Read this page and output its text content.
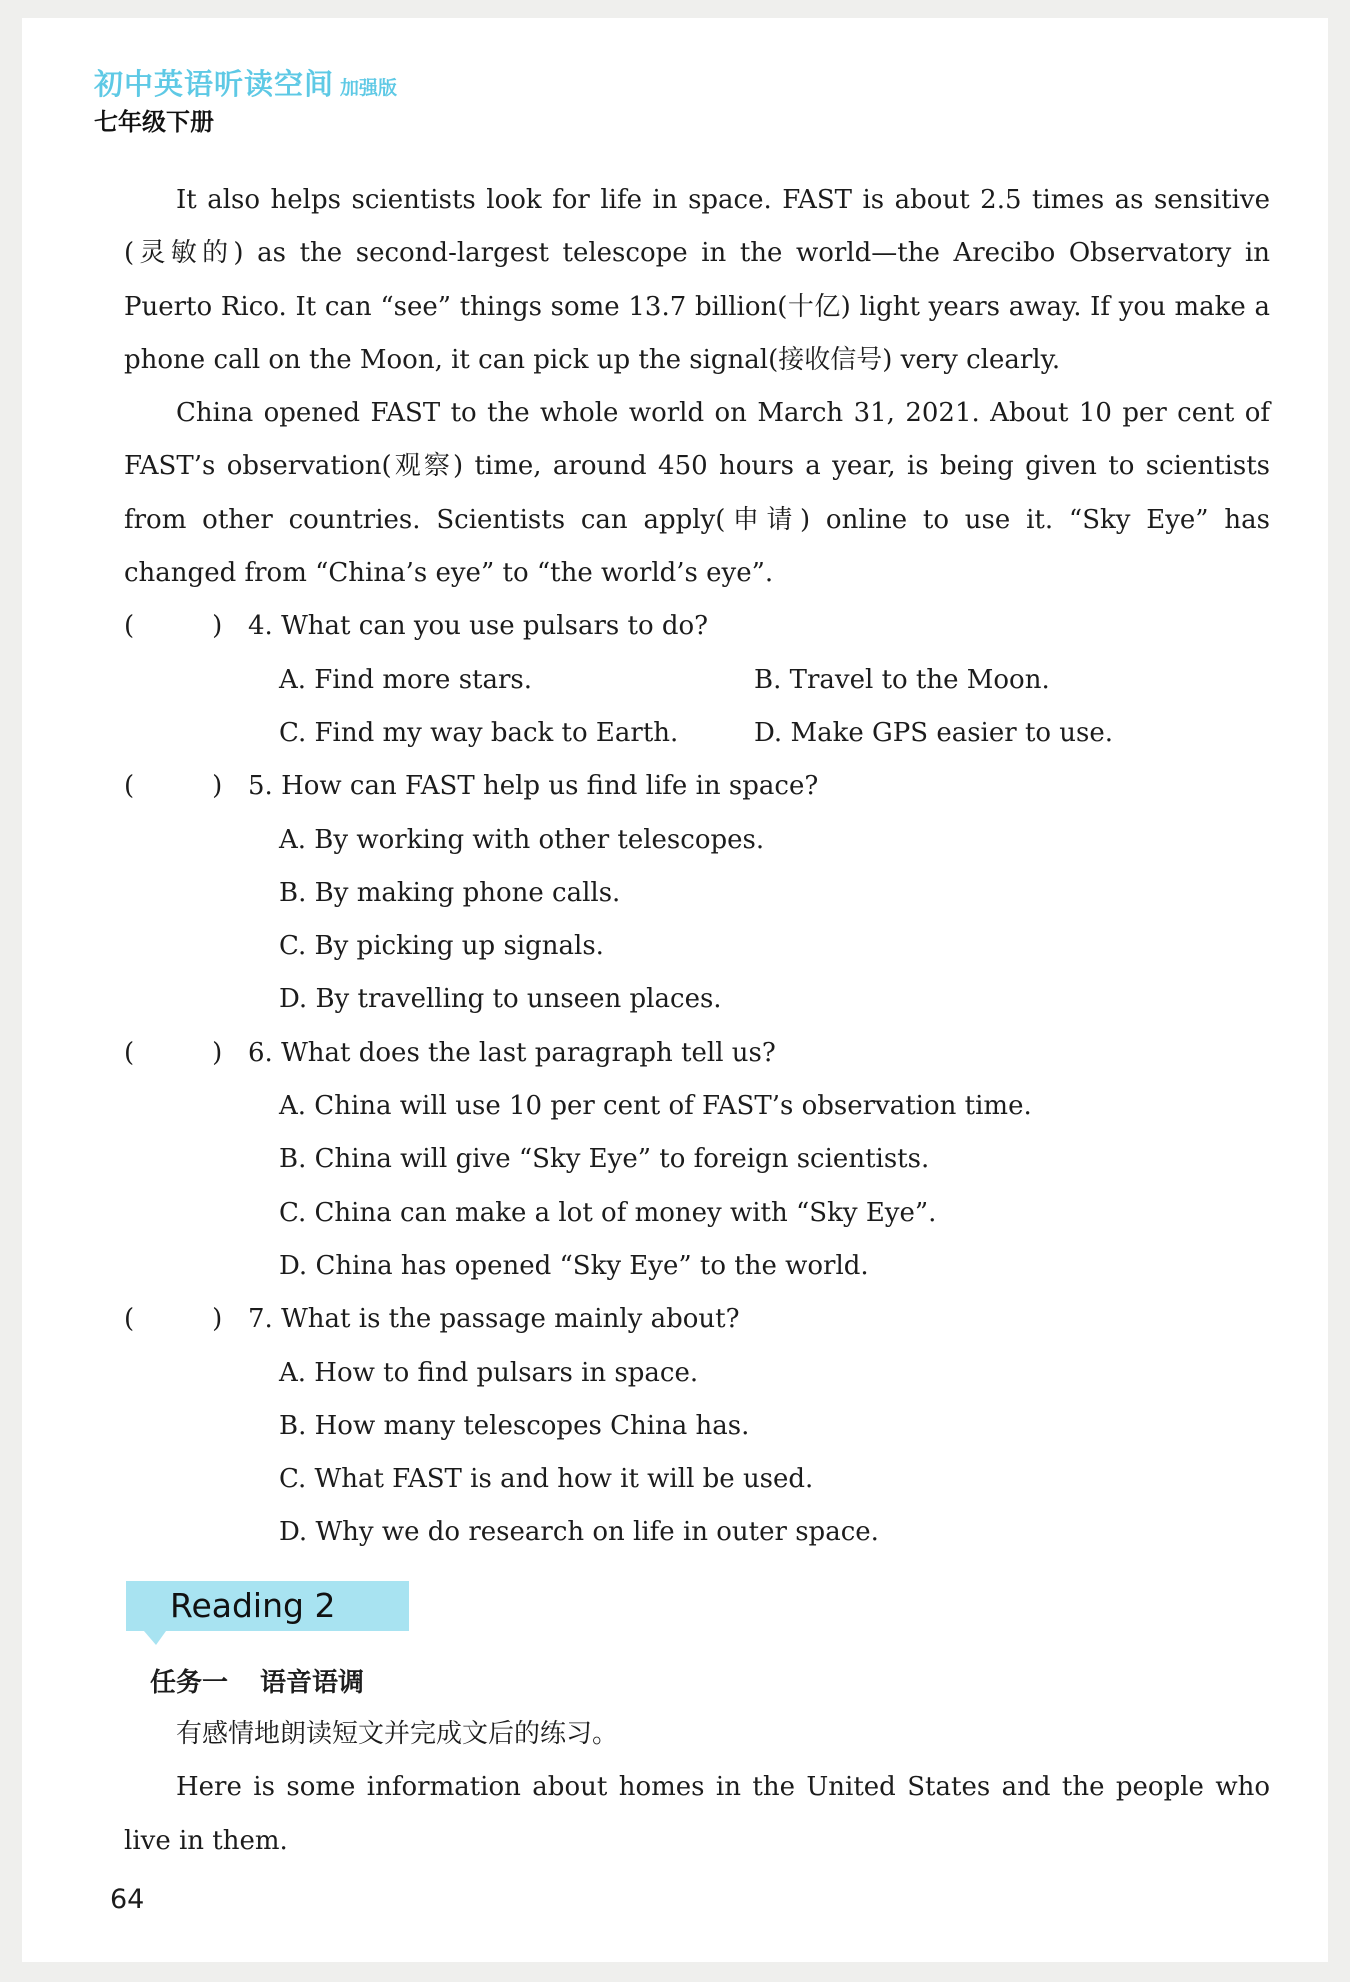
初中英语听读空间 加强版
七年级下册

It also helps scientists look for life in space. FAST is about 2.5 times as sensitive (灵敏的) as the second-largest telescope in the world—the Arecibo Observatory in Puerto Rico. It can “see” things some 13.7 billion(十亿) light years away. If you make a phone call on the Moon, it can pick up the signal(接收信号) very clearly.

China opened FAST to the whole world on March 31, 2021. About 10 per cent of FAST’s observation(观察) time, around 450 hours a year, is being given to scientists from other countries. Scientists can apply(申请) online to use it. “Sky Eye” has changed from “China’s eye” to “the world’s eye”.

(	) 4. What can you use pulsars to do?
A. Find more stars.	B. Travel to the Moon.
C. Find my way back to Earth.	D. Make GPS easier to use.
(	) 5. How can FAST help us find life in space?
A. By working with other telescopes.
B. By making phone calls.
C. By picking up signals.
D. By travelling to unseen places.
(	) 6. What does the last paragraph tell us?
A. China will use 10 per cent of FAST’s observation time.
B. China will give “Sky Eye” to foreign scientists.
C. China can make a lot of money with “Sky Eye”.
D. China has opened “Sky Eye” to the world.
(	) 7. What is the passage mainly about?
A. How to find pulsars in space.
B. How many telescopes China has.
C. What FAST is and how it will be used.
D. Why we do research on life in outer space.
Reading 2
任务一 语音语调

有感情地朗读短文并完成文后的练习。

Here is some information about homes in the United States and the people who live in them.

64
